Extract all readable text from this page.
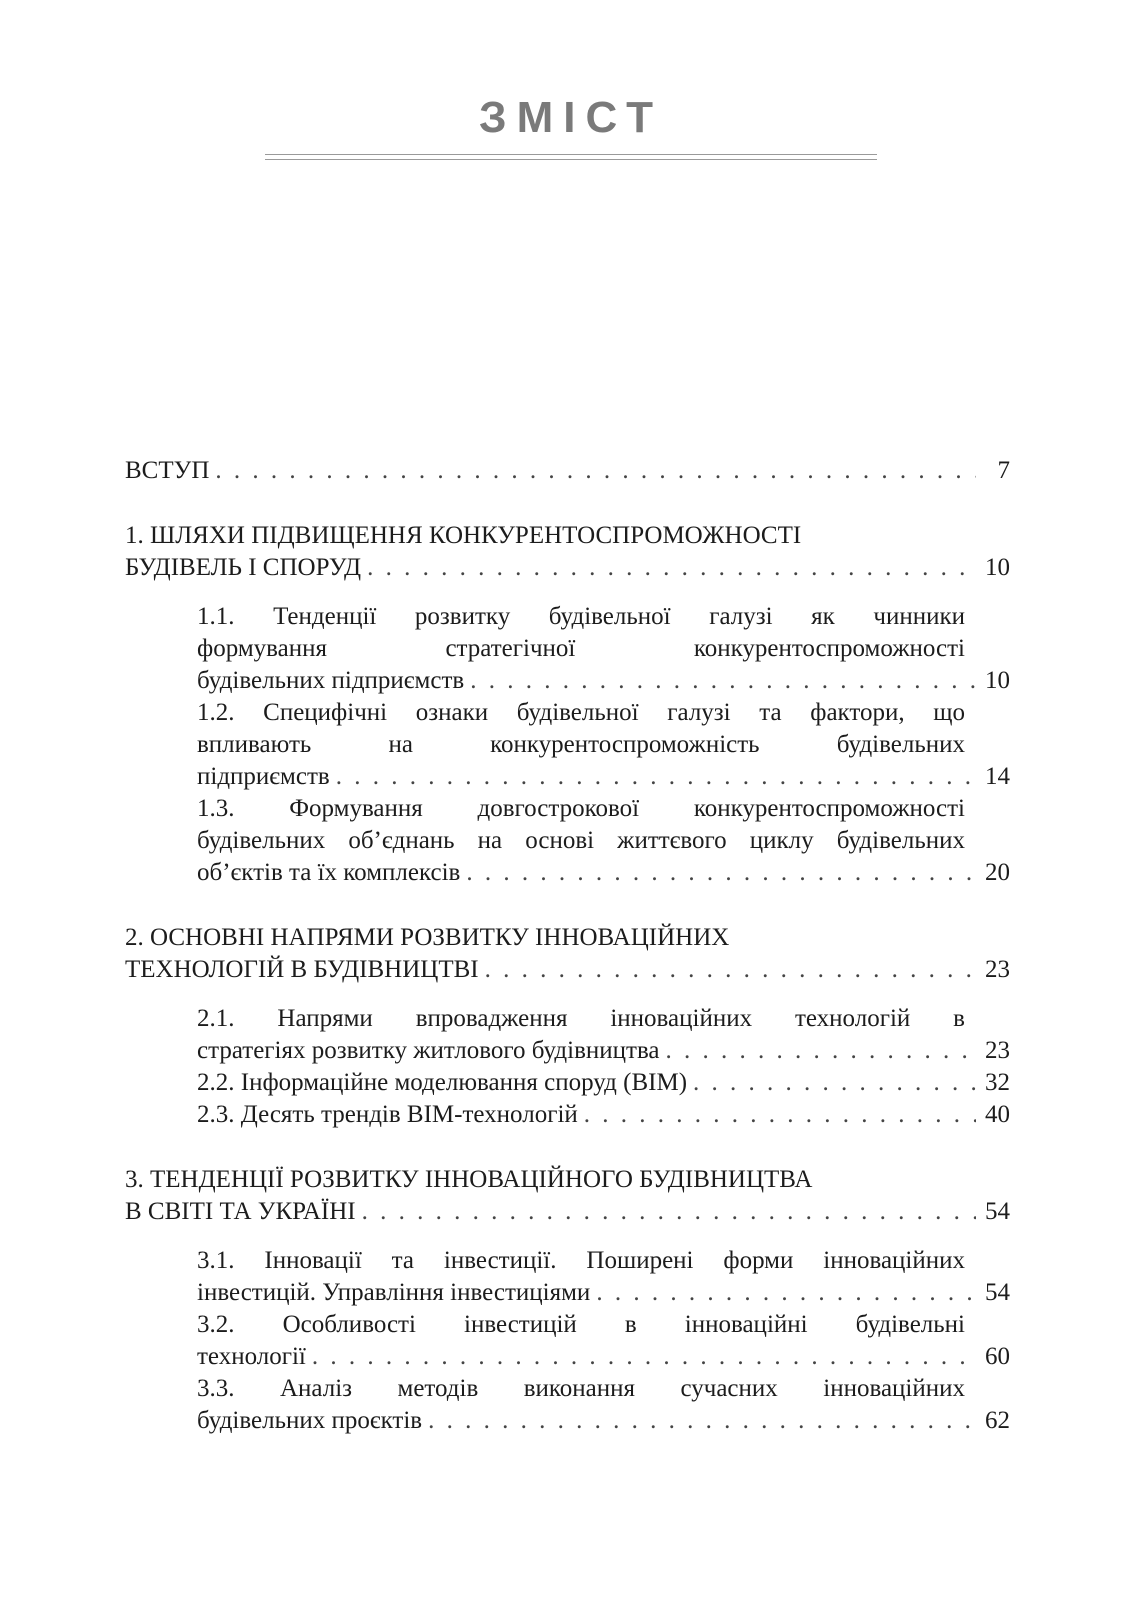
ЗМІСТ
ВСТУП . . .	7
1. ШЛЯХИ ПІДВИЩЕННЯ КОНКУРЕНТОСПРОМОЖНОСТІ
БУДІВЕЛЬ І СПОРУД . . .	10
1.1. Тенденції розвитку будівельної галузі як чинники
формування стратегічної конкурентоспроможності
будівельних підприємств . . .	10
1.2. Специфічні ознаки будівельної галузі та фактори, що
впливають на конкурентоспроможність будівельних
підприємств . . .	14
1.3. Формування довгострокової конкурентоспроможності
будівельних об’єднань на основі життєвого циклу будівельних
об’єктів та їх комплексів . . .	20
2. ОСНОВНІ НАПРЯМИ РОЗВИТКУ ІННОВАЦІЙНИХ
ТЕХНОЛОГІЙ В БУДІВНИЦТВІ . . .	23
2.1. Напрями впровадження інноваційних технологій в
стратегіях розвитку житлового будівництва . . .	23
2.2. Інформаційне моделювання споруд (BIM) . . .	32
2.3. Десять трендів BIM-технологій . . .	40
3. ТЕНДЕНЦІЇ РОЗВИТКУ ІННОВАЦІЙНОГО БУДІВНИЦТВА
В СВІТІ ТА УКРАЇНІ . . .	54
3.1. Інновації та інвестиції. Поширені форми інноваційних
інвестицій. Управління інвестиціями . . .	54
3.2. Особливості інвестицій в інноваційні будівельні
технології . . .	60
3.3. Аналіз методів виконання сучасних інноваційних
будівельних проєктів . . .	62
